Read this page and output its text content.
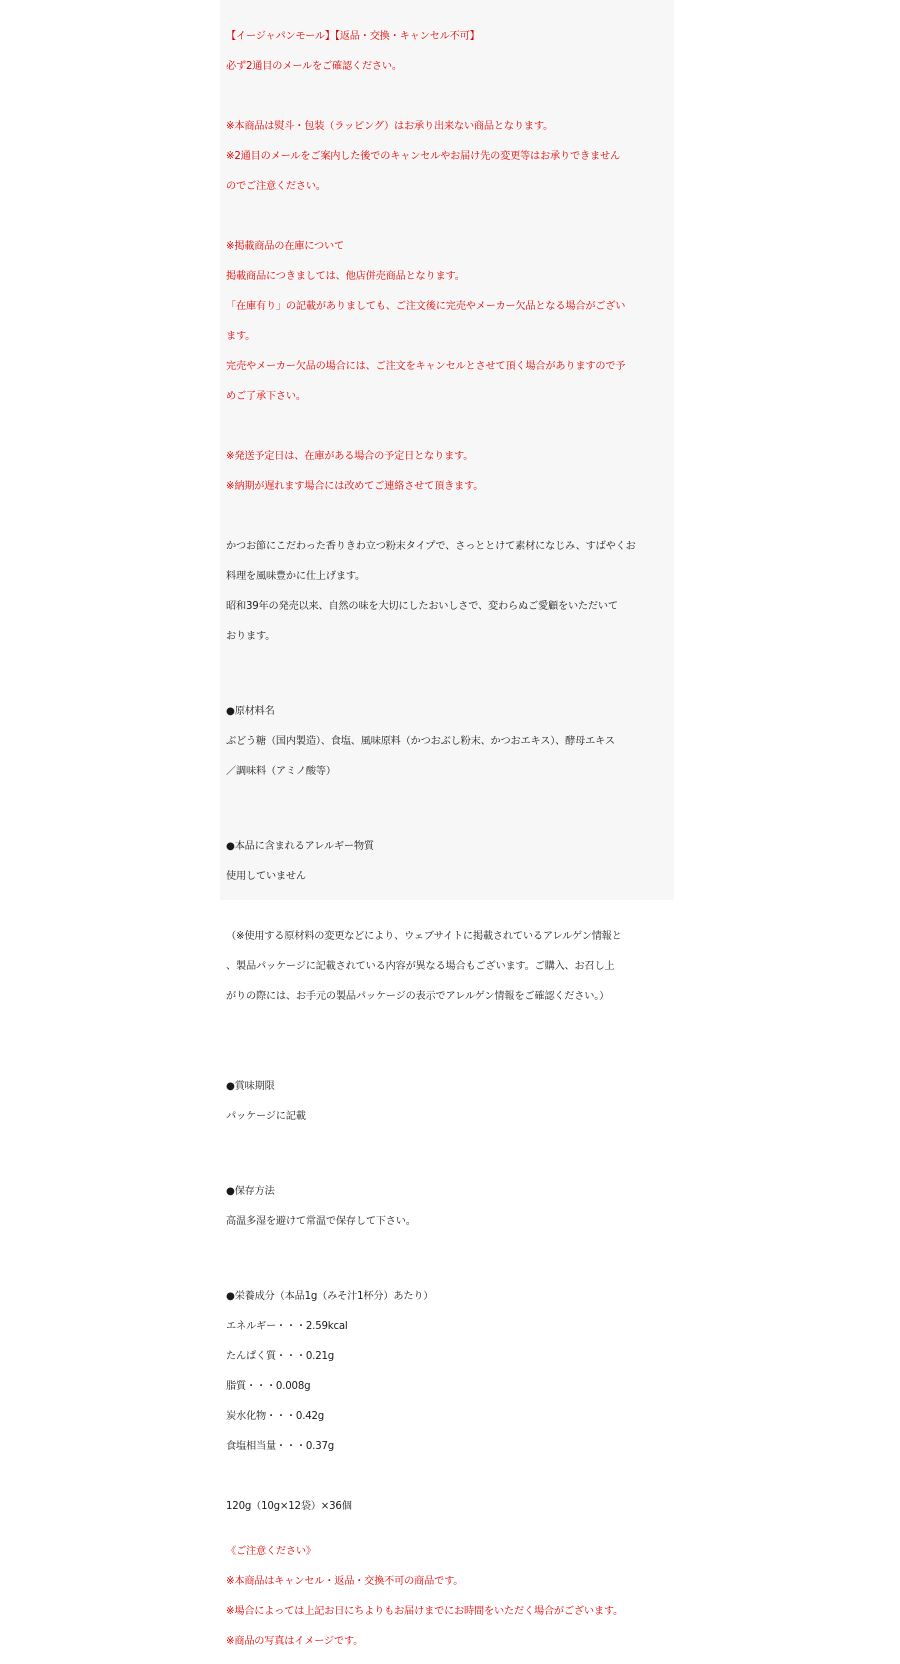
【イージャパンモール】【返品・交換・キャンセル不可】

必ず2通目のメールをご確認ください。

※本商品は熨斗・包装（ラッピング）はお承り出来ない商品となります。

※2通目のメールをご案内した後でのキャンセルやお届け先の変更等はお承りできません

のでご注意ください。

※掲載商品の在庫について

掲載商品につきましては、他店併売商品となります。

「在庫有り」の記載がありましても、ご注文後に完売やメーカー欠品となる場合がござい

ます。

完売やメーカー欠品の場合には、ご注文をキャンセルとさせて頂く場合がありますので予

めご了承下さい。

※発送予定日は、在庫がある場合の予定日となります。

※納期が遅れます場合には改めてご連絡させて頂きます。

かつお節にこだわった香りきわ立つ粉末タイプで、さっととけて素材になじみ、すばやくお

料理を風味豊かに仕上げます。

昭和39年の発売以来、自然の味を大切にしたおいしさで、変わらぬご愛顧をいただいて

おります。

●原材料名

ぶどう糖（国内製造）、食塩、風味原料（かつおぶし粉末、かつおエキス）、酵母エキス

／調味料（アミノ酸等）

●本品に含まれるアレルギー物質

使用していません

（※使用する原材料の変更などにより、ウェブサイトに掲載されているアレルゲン情報と

、製品パッケージに記載されている内容が異なる場合もございます。ご購入、お召し上

がりの際には、お手元の製品パッケージの表示でアレルゲン情報をご確認ください。）

●賞味期限

パッケージに記載

●保存方法

高温多湿を避けて常温で保存して下さい。

●栄養成分（本品1g（みそ汁1杯分）あたり）

エネルギー・・・2.59kcal

たんぱく質・・・0.21g

脂質・・・0.008g

炭水化物・・・0.42g

食塩相当量・・・0.37g

120g（10g×12袋）×36個

《ご注意ください》

※本商品はキャンセル・返品・交換不可の商品です。

※場合によっては上記お日にちよりもお届けまでにお時間をいただく場合がございます。

※商品の写真はイメージです。
